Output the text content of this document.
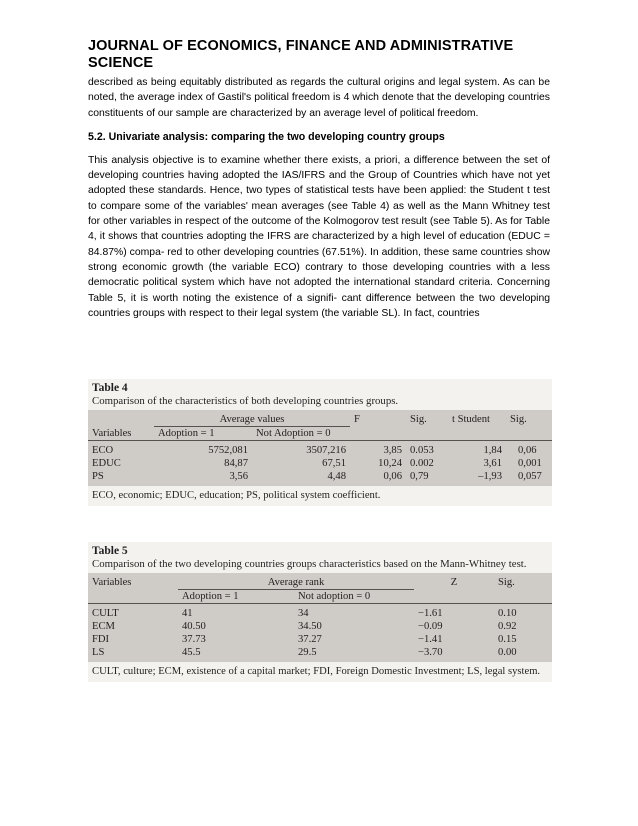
JOURNAL OF ECONOMICS, FINANCE AND ADMINISTRATIVE
SCIENCE

described as being equitably distributed as regards the cultural origins and legal system. As can be noted, the average index of Gastil's political freedom is 4 which denote that the developing countries constituents of our sample are characterized by an average level of political freedom.

5.2. Univariate analysis: comparing the two developing country groups

This analysis objective is to examine whether there exists, a priori, a difference between the set of developing countries having adopted the IAS/IFRS and the Group of Countries which have not yet adopted these standards. Hence, two types of statistical tests have been applied: the Student t test to compare some of the variables' mean averages (see Table 4) as well as the Mann Whitney test for other variables in respect of the outcome of the Kolmogorov test result (see Table 5). As for Table 4, it shows that countries adopting the IFRS are characterized by a high level of education (EDUC = 84.87%) compa- red to other developing countries (67.51%). In addition, these same countries show strong economic growth (the variable ECO) contrary to those developing countries with a less democratic political system which have not adopted the international standard criteria. Concerning Table 5, it is worth noting the existence of a signifi- cant difference between the two developing countries groups with respect to their legal system (the variable SL). In fact, countries

Table 4
Comparison of the characteristics of both developing countries groups.
	Average values		F	Sig.	t Student	Sig.
Variables	Adoption = 1	Not Adoption = 0				

ECO	5752,081	3507,216	3,85	0.053	1,84	0,06
EDUC	84,87	67,51	10,24	0.002	3,61	0,001
PS	3,56	4,48	0,06	0,79	–1,93	0,057
ECO, economic; EDUC, education; PS, political system coefficient.
Table 5
Comparison of the two developing countries groups characteristics based on the Mann-Whitney test.
Variables	Average rank		Z	Sig.
	Adoption = 1	Not adoption = 0		

CULT	41	34	−1.61	0.10
ECM	40.50	34.50	−0.09	0.92
FDI	37.73	37.27	−1.41	0.15
LS	45.5	29.5	−3.70	0.00
CULT, culture; ECM, existence of a capital market; FDI, Foreign Domestic Investment; LS, legal system.
